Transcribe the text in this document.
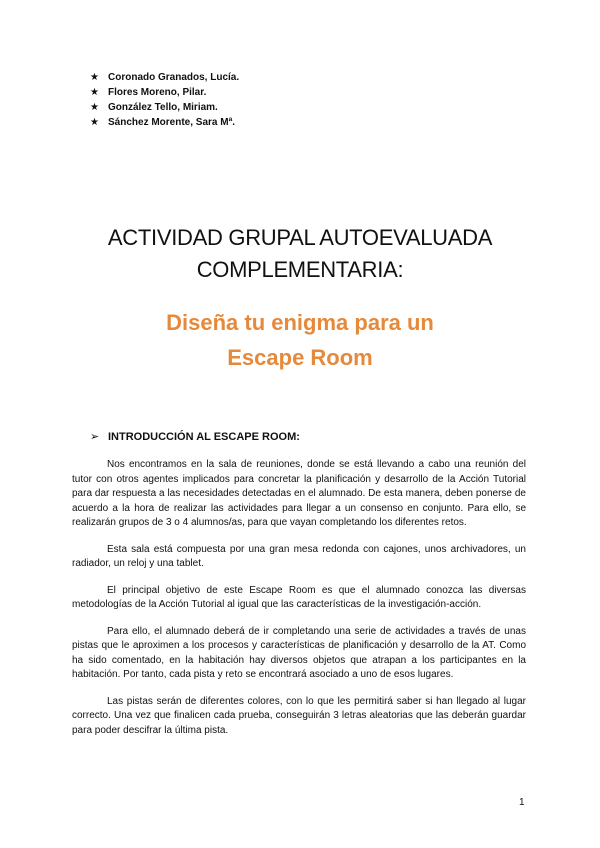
★ Coronado Granados, Lucía.
★ Flores Moreno, Pilar.
★ González Tello, Miriam.
★ Sánchez Morente, Sara Mª.
ACTIVIDAD GRUPAL AUTOEVALUADA
COMPLEMENTARIA:
Diseña tu enigma para un
Escape Room
➢ INTRODUCCIÓN AL ESCAPE ROOM:

Nos encontramos en la sala de reuniones, donde se está llevando a cabo una reunión del tutor con otros agentes implicados para concretar la planificación y desarrollo de la Acción Tutorial para dar respuesta a las necesidades detectadas en el alumnado. De esta manera, deben ponerse de acuerdo a la hora de realizar las actividades para llegar a un consenso en conjunto. Para ello, se realizarán grupos de 3 o 4 alumnos/as, para que vayan completando los diferentes retos.

Esta sala está compuesta por una gran mesa redonda con cajones, unos archivadores, un radiador, un reloj y una tablet.

El principal objetivo de este Escape Room es que el alumnado conozca las diversas metodologías de la Acción Tutorial al igual que las características de la investigación-acción.

Para ello, el alumnado deberá de ir completando una serie de actividades a través de unas pistas que le aproximen a los procesos y características de planificación y desarrollo de la AT. Como ha sido comentado, en la habitación hay diversos objetos que atrapan a los participantes en la habitación. Por tanto, cada pista y reto se encontrará asociado a uno de esos lugares.

Las pistas serán de diferentes colores, con lo que les permitirá saber si han llegado al lugar correcto. Una vez que finalicen cada prueba, conseguirán 3 letras aleatorias que las deberán guardar para poder descifrar la última pista.

1
